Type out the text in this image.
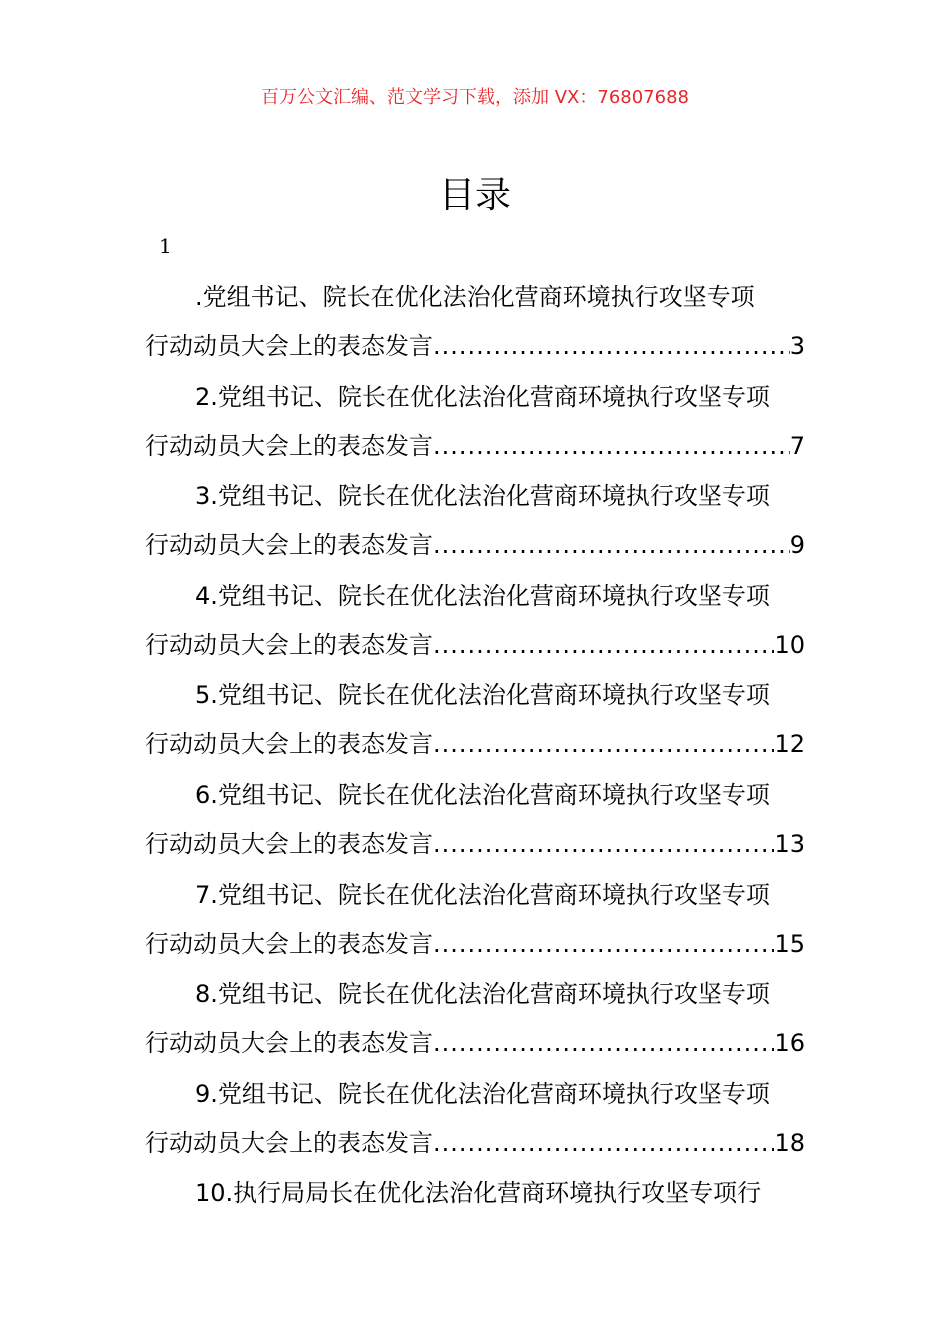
百万公文汇编、范文学习下载，添加 VX：76807688
目录
1
.党组书记、院长在优化法治化营商环境执行攻坚专项
行动动员大会上的表态发言 .....	3
2.党组书记、院长在优化法治化营商环境执行攻坚专项
行动动员大会上的表态发言 .....	7
3.党组书记、院长在优化法治化营商环境执行攻坚专项
行动动员大会上的表态发言 .....	9
4.党组书记、院长在优化法治化营商环境执行攻坚专项
行动动员大会上的表态发言 .....	10
5.党组书记、院长在优化法治化营商环境执行攻坚专项
行动动员大会上的表态发言 .....	12
6.党组书记、院长在优化法治化营商环境执行攻坚专项
行动动员大会上的表态发言 .....	13
7.党组书记、院长在优化法治化营商环境执行攻坚专项
行动动员大会上的表态发言 .....	15
8.党组书记、院长在优化法治化营商环境执行攻坚专项
行动动员大会上的表态发言 .....	16
9.党组书记、院长在优化法治化营商环境执行攻坚专项
行动动员大会上的表态发言 .....	18
10.执行局局长在优化法治化营商环境执行攻坚专项行
